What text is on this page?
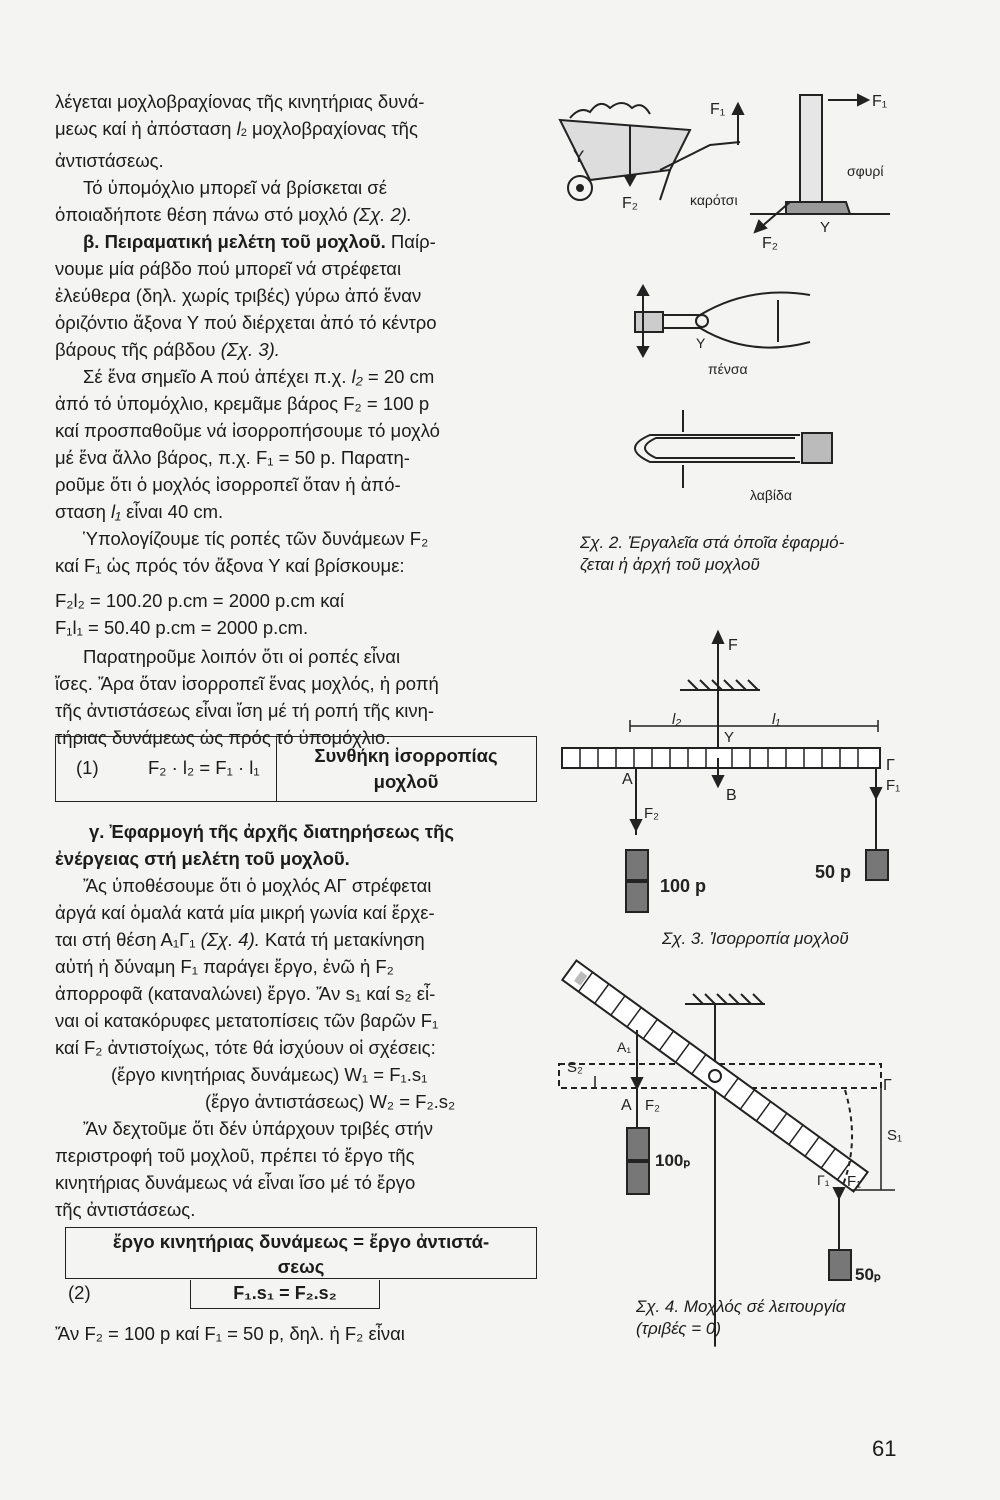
λέγεται μοχλοβραχίονας τῆς κινητήριας δυνά-
μεως καί ἡ ἀπόσταση $l_2$ μοχλοβραχίονας τῆς
ἀντιστάσεως.

Τό ὑπομόχλιο μπορεῖ νά βρίσκεται σέ
ὁποιαδήποτε θέση πάνω στό μοχλό (Σχ. 2).

β. Πειραματική μελέτη τοῦ μοχλοῦ. Παίρ-
νουμε μία ράβδο πού μπορεῖ νά στρέφεται
ἐλεύθερα (δηλ. χωρίς τριβές) γύρω ἀπό ἕναν
ὁριζόντιο ἄξονα Υ πού διέρχεται ἀπό τό κέντρο
βάρους τῆς ράβδου (Σχ. 3).

Σέ ἕνα σημεῖο Α πού ἀπέχει π.χ. l₂ = 20 cm
ἀπό τό ὑπομόχλιο, κρεμᾶμε βάρος F₂ = 100 p
καί προσπαθοῦμε νά ἰσορροπήσουμε τό μοχλό
μέ ἕνα ἄλλο βάρος, π.χ. F₁ = 50 p. Παρατη-
ροῦμε ὅτι ὁ μοχλός ἰσορροπεῖ ὅταν ἡ ἀπό-
σταση l₁ εἶναι 40 cm.

Ὑπολογίζουμε τίς ροπές τῶν δυνάμεων F₂
καί F₁ ὡς πρός τόν ἄξονα Υ καί βρίσκουμε:

F₂l₂ = 100.20 p.cm = 2000 p.cm καί
F₁l₁ = 50.40 p.cm = 2000 p.cm.

Παρατηροῦμε λοιπόν ὅτι οἱ ροπές εἶναι
ἴσες. Ἄρα ὅταν ἰσορροπεῖ ἕνας μοχλός, ἡ ροπή
τῆς ἀντιστάσεως εἶναι ἴση μέ τή ροπή τῆς κινη-
τήριας δυνάμεως ὡς πρός τό ὑπομόχλιο.

(1)	F₂ · l₂ = F₁ · l₁
Συνθήκη ἰσορροπίας
μοχλοῦ

γ. Ἐφαρμογή τῆς ἀρχῆς διατηρήσεως τῆς
ἐνέργειας στή μελέτη τοῦ μοχλοῦ.

Ἄς ὑποθέσουμε ὅτι ὁ μοχλός ΑΓ στρέφεται
ἀργά καί ὁμαλά κατά μία μικρή γωνία καί ἔρχε-
ται στή θέση Α₁Γ₁ (Σχ. 4). Κατά τή μετακίνηση
αὐτή ἡ δύναμη F₁ παράγει ἔργο, ἐνῶ ἡ F₂
ἀπορροφᾶ (καταναλώνει) ἔργο. Ἄν s₁ καί s₂ εἶ-
ναι οἱ κατακόρυφες μετατοπίσεις τῶν βαρῶν F₁
καί F₂ ἀντιστοίχως, τότε θά ἰσχύουν οἱ σχέσεις:

(ἔργο κινητήριας δυνάμεως) W₁ = F₁.s₁
(ἔργο ἀντιστάσεως) W₂ = F₂.s₂

Ἄν δεχτοῦμε ὅτι δέν ὑπάρχουν τριβές στήν
περιστροφή τοῦ μοχλοῦ, πρέπει τό ἔργο τῆς
κινητήριας δυνάμεως νά εἶναι ἴσο μέ τό ἔργο
τῆς ἀντιστάσεως.

ἔργο κινητήριας δυνάμεως = ἔργο ἀντιστά-
σεως
(2)	F₁.s₁ = F₂.s₂
Ἄν F₂ = 100 p καί F₁ = 50 p, δηλ. ἡ F₂ εἶναι
Y
F₂
F₁
καρότσι
F₁
σφυρί
F₂
Y
Y
πένσα
λαβίδα
Σχ. 2. Ἐργαλεῖα στά ὁποῖα ἐφαρμό-
ζεται ἡ ἀρχή τοῦ μοχλοῦ
F
l₂	l₁
Y
A
B
Γ
F₁
F₂
100 p
50 p
Σχ. 3. Ἰσορροπία μοχλοῦ
S₂
A₁
A F₂
Γ
S₁
Γ₁ F₁
100ₚ
50ₚ
Σχ. 4. Μοχλός σέ λειτουργία
(τριβές = 0)
61
